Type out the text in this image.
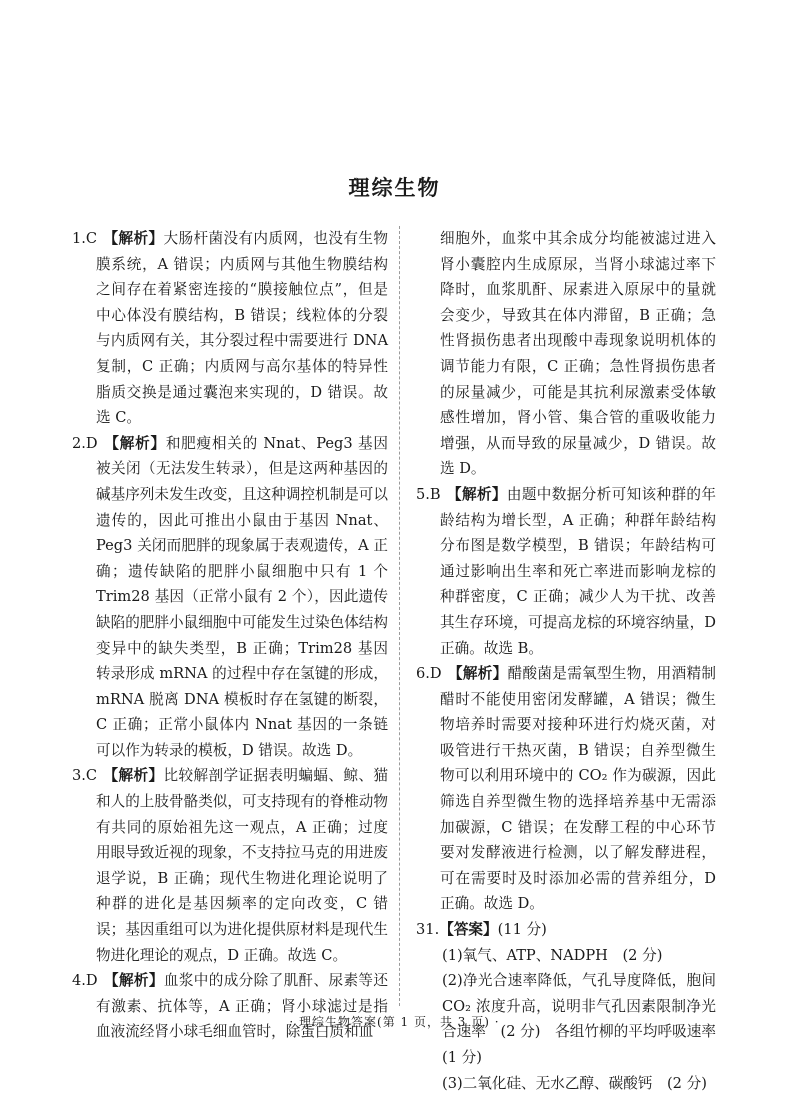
理综生物

1.C 【解析】大肠杆菌没有内质网，也没有生物膜系统，A 错误；内质网与其他生物膜结构之间存在着紧密连接的“膜接触位点”，但是中心体没有膜结构，B 错误；线粒体的分裂与内质网有关，其分裂过程中需要进行 DNA 复制，C 正确；内质网与高尔基体的特异性脂质交换是通过囊泡来实现的，D 错误。故选 C。

2.D 【解析】和肥瘦相关的 Nnat、Peg3 基因被关闭（无法发生转录），但是这两种基因的碱基序列未发生改变，且这种调控机制是可以遗传的，因此可推出小鼠由于基因 Nnat、Peg3 关闭而肥胖的现象属于表观遗传，A 正确；遗传缺陷的肥胖小鼠细胞中只有 1 个 Trim28 基因（正常小鼠有 2 个），因此遗传缺陷的肥胖小鼠细胞中可能发生过染色体结构变异中的缺失类型，B 正确；Trim28 基因转录形成 mRNA 的过程中存在氢键的形成，mRNA 脱离 DNA 模板时存在氢键的断裂，C 正确；正常小鼠体内 Nnat 基因的一条链可以作为转录的模板，D 错误。故选 D。

3.C 【解析】比较解剖学证据表明蝙蝠、鲸、猫和人的上肢骨骼类似，可支持现有的脊椎动物有共同的原始祖先这一观点，A 正确；过度用眼导致近视的现象，不支持拉马克的用进废退学说，B 正确；现代生物进化理论说明了种群的进化是基因频率的定向改变，C 错误；基因重组可以为进化提供原材料是现代生物进化理论的观点，D 正确。故选 C。

4.D 【解析】血浆中的成分除了肌酐、尿素等还有激素、抗体等，A 正确；肾小球滤过是指血液流经肾小球毛细血管时，除蛋白质和血

细胞外，血浆中其余成分均能被滤过进入肾小囊腔内生成原尿，当肾小球滤过率下降时，血浆肌酐、尿素进入原尿中的量就会变少，导致其在体内滞留，B 正确；急性肾损伤患者出现酸中毒现象说明机体的调节能力有限，C 正确；急性肾损伤患者的尿量减少，可能是其抗利尿激素受体敏感性增加，肾小管、集合管的重吸收能力增强，从而导致的尿量减少，D 错误。故选 D。

5.B 【解析】由题中数据分析可知该种群的年龄结构为增长型，A 正确；种群年龄结构分布图是数学模型，B 错误；年龄结构可通过影响出生率和死亡率进而影响龙棕的种群密度，C 正确；减少人为干扰、改善其生存环境，可提高龙棕的环境容纳量，D 正确。故选 B。

6.D 【解析】醋酸菌是需氧型生物，用酒精制醋时不能使用密闭发酵罐，A 错误；微生物培养时需要对接种环进行灼烧灭菌，对吸管进行干热灭菌，B 错误；自养型微生物可以利用环境中的 CO₂ 作为碳源，因此筛选自养型微生物的选择培养基中无需添加碳源，C 错误；在发酵工程的中心环节要对发酵液进行检测，以了解发酵进程，可在需要时及时添加必需的营养组分，D 正确。故选 D。

31.【答案】(11 分)

(1)氧气、ATP、NADPH　(2 分)

(2)净光合速率降低，气孔导度降低，胞间 CO₂ 浓度升高，说明非气孔因素限制净光合速率　(2 分)　各组竹柳的平均呼吸速率　(1 分)

(3)二氧化硅、无水乙醇、碳酸钙　(2 分)

· 理综生物答案(第 1 页，共 3 页) ·
